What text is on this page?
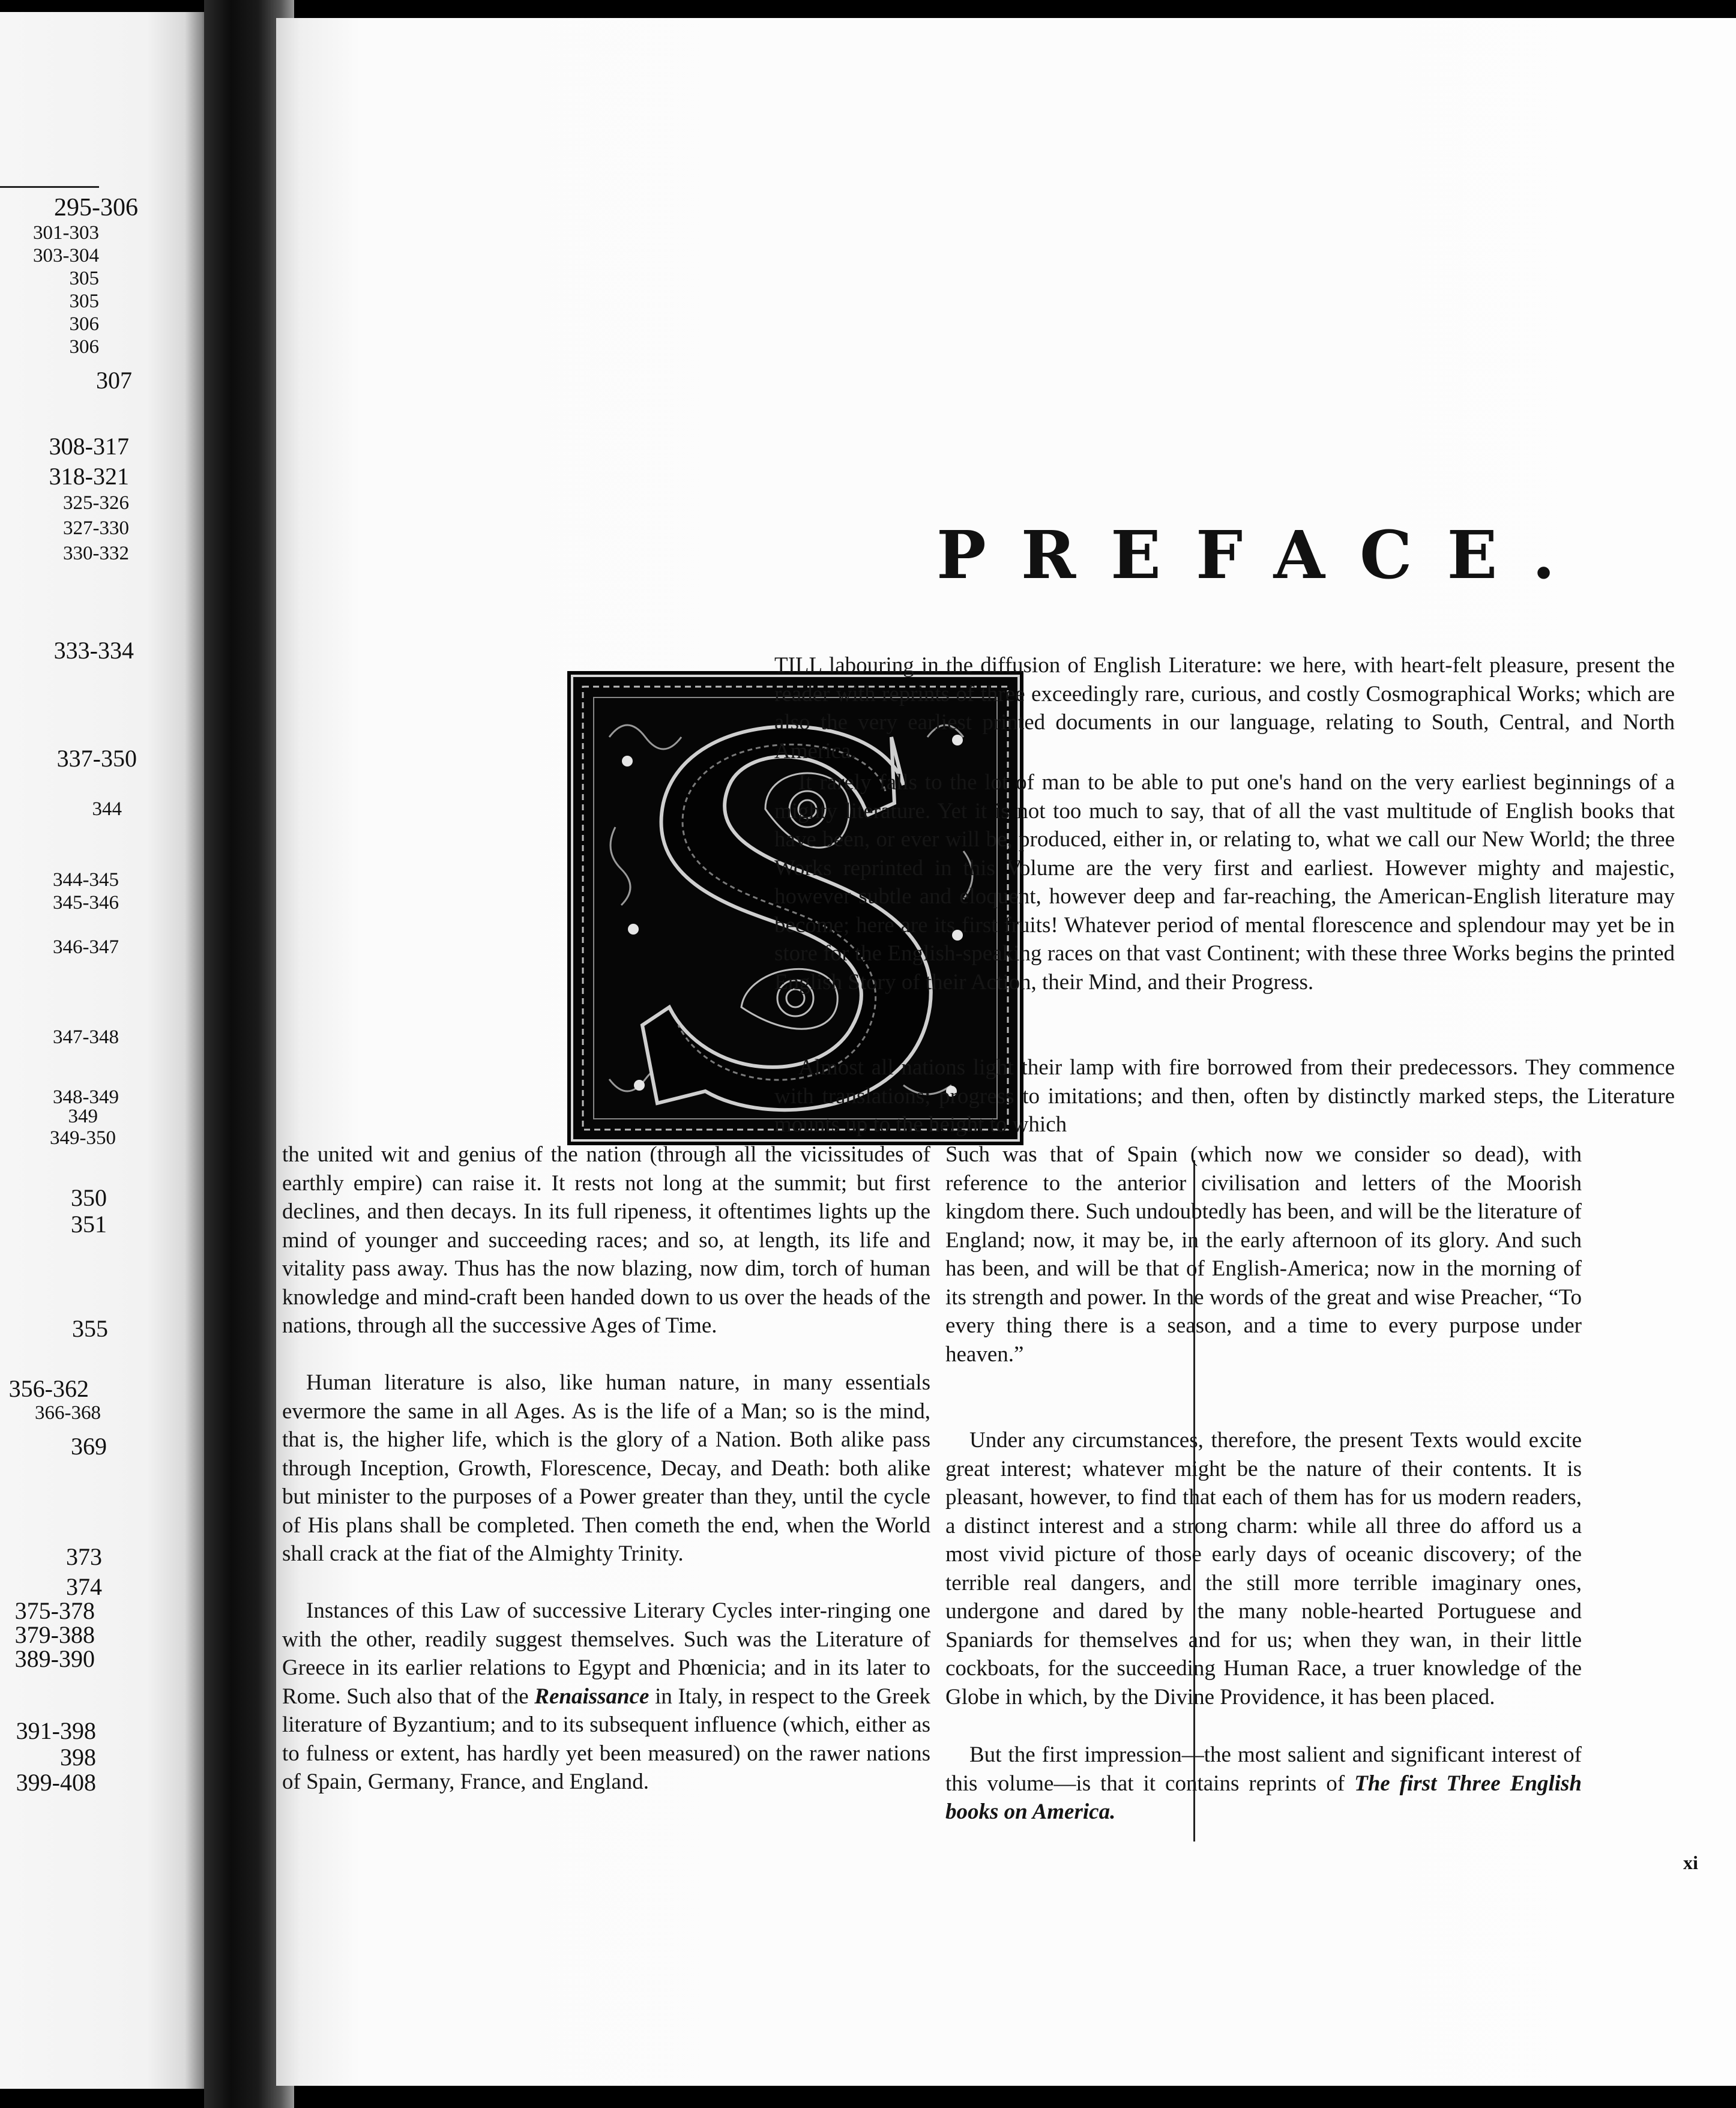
295-306
301-303
303-304
305
305
306
306
307
308-317
318-321
325-326
327-330
330-332
333-334
337-350
344
344-345
345-346
346-347
347-348
348-349
349
349-350
350
351
355
356-362
366-368
369
373
374
375-378
379-388
389-390
391-398
398
399-408
PREFACE.

TILL labouring in the diffusion of English Literature: we here, with heart-felt pleasure, present the reader with reprints of three exceedingly rare, curious, and costly Cosmographical Works; which are also the very earliest printed documents in our language, relating to South, Central, and North America.

It rarely falls to the lot of man to be able to put one's hand on the very earliest beginnings of a mighty literature. Yet it is not too much to say, that of all the vast multitude of English books that have been, or ever will be, produced, either in, or relating to, what we call our New World; the three Works reprinted in this Volume are the very first and earliest. However mighty and majestic, however subtle and eloquent, however deep and far-reaching, the American-English literature may become; here are its first fruits! Whatever period of mental florescence and splendour may yet be in store for the English-speaking races on that vast Continent; with these three Works begins the printed English Story of their Action, their Mind, and their Progress.

Almost all nations light their lamp with fire borrowed from their predecessors. They commence with translations; progress to imitations; and then, often by distinctly marked steps, the Literature mounts up to the height to which

the united wit and genius of the nation (through all the vicissitudes of earthly empire) can raise it. It rests not long at the summit; but first declines, and then decays. In its full ripeness, it oftentimes lights up the mind of younger and succeeding races; and so, at length, its life and vitality pass away. Thus has the now blazing, now dim, torch of human knowledge and mind-craft been handed down to us over the heads of the nations, through all the successive Ages of Time.

Human literature is also, like human nature, in many essentials evermore the same in all Ages. As is the life of a Man; so is the mind, that is, the higher life, which is the glory of a Nation. Both alike pass through Inception, Growth, Florescence, Decay, and Death: both alike but minister to the purposes of a Power greater than they, until the cycle of His plans shall be completed. Then cometh the end, when the World shall crack at the fiat of the Almighty Trinity.

Instances of this Law of successive Literary Cycles inter-ringing one with the other, readily suggest themselves. Such was the Literature of Greece in its earlier relations to Egypt and Phœnicia; and in its later to Rome. Such also that of the Renaissance in Italy, in respect to the Greek literature of Byzantium; and to its subsequent influence (which, either as to fulness or extent, has hardly yet been measured) on the rawer nations of Spain, Germany, France, and England.

Such was that of Spain (which now we consider so dead), with reference to the anterior civilisation and letters of the Moorish kingdom there. Such undoubtedly has been, and will be the literature of England; now, it may be, in the early afternoon of its glory. And such has been, and will be that of English-America; now in the morning of its strength and power. In the words of the great and wise Preacher, “To every thing there is a season, and a time to every purpose under heaven.”

Under any circumstances, therefore, the present Texts would excite great interest; whatever might be the nature of their contents. It is pleasant, however, to find that each of them has for us modern readers, a distinct interest and a strong charm: while all three do afford us a most vivid picture of those early days of oceanic discovery; of the terrible real dangers, and the still more terrible imaginary ones, undergone and dared by the many noble-hearted Portuguese and Spaniards for themselves and for us; when they wan, in their little cockboats, for the succeeding Human Race, a truer knowledge of the Globe in which, by the Divine Providence, it has been placed.

But the first impression—the most salient and significant interest of this volume—is that it contains reprints of The first Three English books on America.

xi
